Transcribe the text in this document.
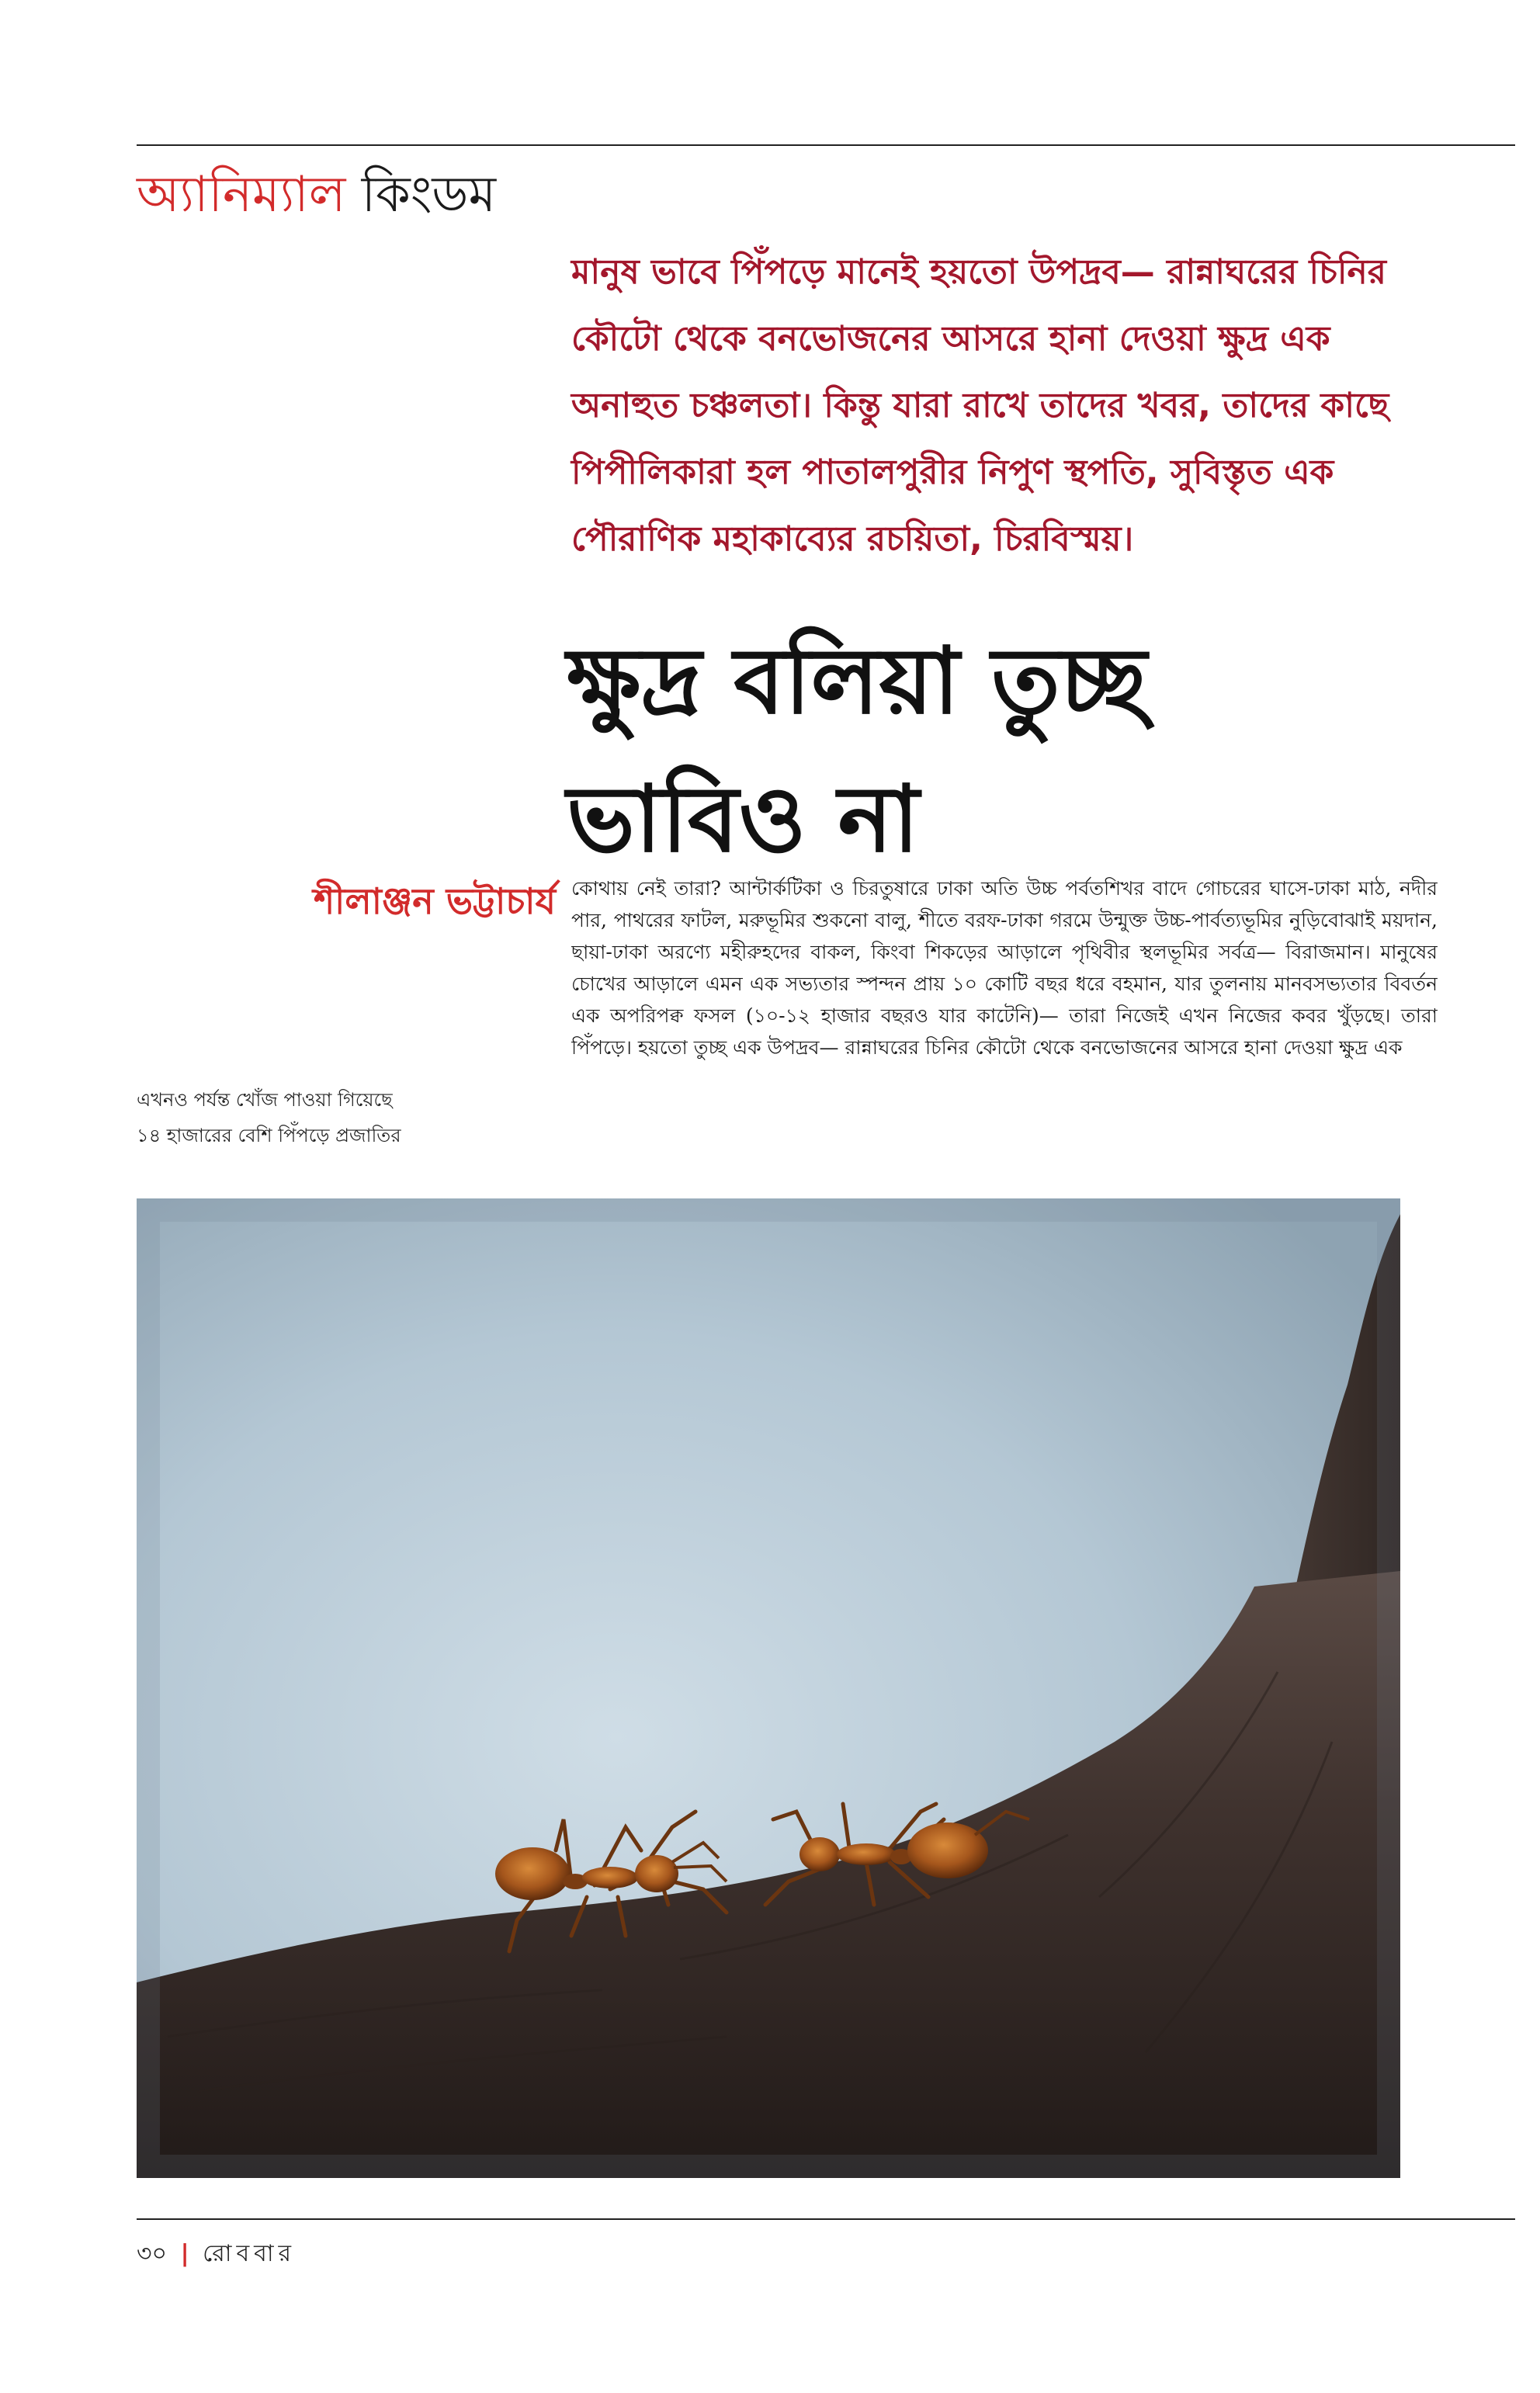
অ্যানিম্যাল কিংডম
মানুষ ভাবে পিঁপড়ে মানেই হয়তো উপদ্রব— রান্নাঘরের চিনির কৌটো থেকে বনভোজনের আসরে হানা দেওয়া ক্ষুদ্র এক অনাহুত চঞ্চলতা। কিন্তু যারা রাখে তাদের খবর, তাদের কাছে পিপীলিকারা হল পাতালপুরীর নিপুণ স্থপতি, সুবিস্তৃত এক পৌরাণিক মহাকাব্যের রচয়িতা, চিরবিস্ময়।
ক্ষুদ্র বলিয়া তুচ্ছ
ভাবিও না
শীলাঞ্জন ভট্টাচার্য
এখনও পর্যন্ত খোঁজ পাওয়া গিয়েছে
১৪ হাজারের বেশি পিঁপড়ে প্রজাতির
কোথায় নেই তারা? আন্টার্কটিকা ও চিরতুষারে ঢাকা অতি উচ্চ পর্বতশিখর বাদে গোচরের ঘাসে-ঢাকা মাঠ, নদীর পার, পাথরের ফাটল, মরুভূমির শুকনো বালু, শীতে বরফ-ঢাকা গরমে উন্মুক্ত উচ্চ-পার্বত্যভূমির নুড়িবোঝাই ময়দান, ছায়া-ঢাকা অরণ্যে মহীরুহদের বাকল, কিংবা শিকড়ের আড়ালে পৃথিবীর স্থলভূমির সর্বত্র— বিরাজমান। মানুষের চোখের আড়ালে এমন এক সভ্যতার স্পন্দন প্রায় ১০ কোটি বছর ধরে বহমান, যার তুলনায় মানবসভ্যতার বিবর্তন এক অপরিপক্ব ফসল (১০-১২ হাজার বছরও যার কাটেনি)— তারা নিজেই এখন নিজের কবর খুঁড়ছে। তারা পিঁপড়ে। হয়তো তুচ্ছ এক উপদ্রব— রান্নাঘরের চিনির কৌটো থেকে বনভোজনের আসরে হানা দেওয়া ক্ষুদ্র এক
৩০ | রোববার
